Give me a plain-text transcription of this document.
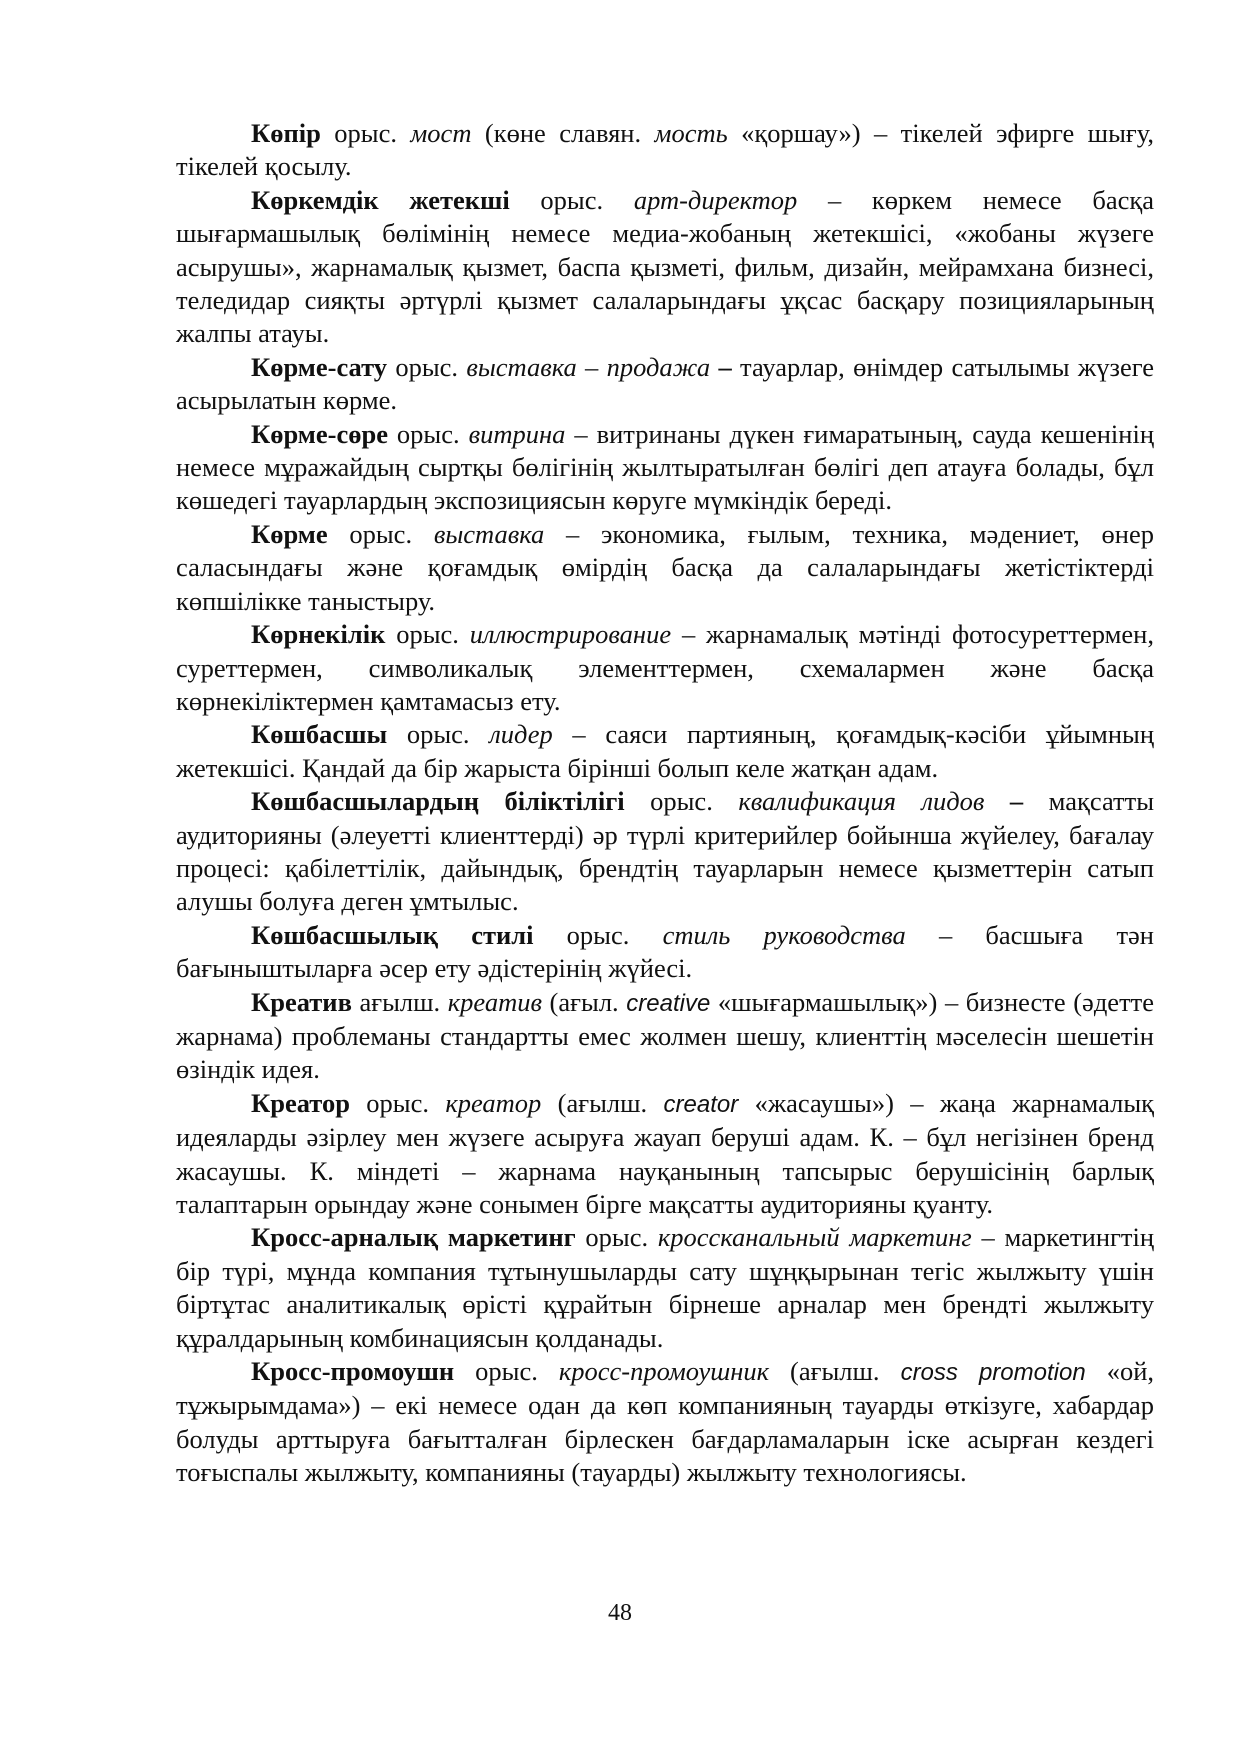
Көпір орыс. мост (көне славян. мость «қоршау») – тікелей эфирге шығу, тікелей қосылу.

Көркемдік жетекші орыс. арт-директор – көркем немесе басқа шығармашылық бөлімінің немесе медиа-жобаның жетекшісі, «жобаны жүзеге асырушы», жарнамалық қызмет, баспа қызметі, фильм, дизайн, мейрамхана бизнесі, теледидар сияқты әртүрлі қызмет салаларындағы ұқсас басқару позицияларының жалпы атауы.

Көрме-сату орыс. выставка – продажа – тауарлар, өнімдер сатылымы жүзеге асырылатын көрме.

Көрме-сөре орыс. витрина – витринаны дүкен ғимаратының, сауда кешенінің немесе мұражайдың сыртқы бөлігінің жылтыратылған бөлігі деп атауға болады, бұл көшедегі тауарлардың экспозициясын көруге мүмкіндік береді.

Көрме орыс. выставка – экономика, ғылым, техника, мәдениет, өнер саласындағы және қоғамдық өмірдің басқа да салаларындағы жетістіктерді көпшілікке таныстыру.

Көрнекілік орыс. иллюстрирование – жарнамалық мәтінді фотосуреттермен, суреттермен, символикалық элементтермен, схемалармен және басқа көрнекіліктермен қамтамасыз ету.

Көшбасшы орыс. лидер – саяси партияның, қоғамдық-кәсіби ұйымның жетекшісі. Қандай да бір жарыста бірінші болып келе жатқан адам.

Көшбасшылардың біліктілігі орыс. квалификация лидов – мақсатты аудиторияны (әлеуетті клиенттерді) әр түрлі критерийлер бойынша жүйелеу, бағалау процесі: қабілеттілік, дайындық, брендтің тауарларын немесе қызметтерін сатып алушы болуға деген ұмтылыс.

Көшбасшылық стилі орыс. стиль руководства – басшыға тән бағыныштыларға әсер ету әдістерінің жүйесі.

Креатив ағылш. креатив (ағыл. creative «шығармашылық») – бизнесте (әдетте жарнама) проблеманы стандартты емес жолмен шешу, клиенттің мәселесін шешетін өзіндік идея.

Креатор орыс. креатор (ағылш. creator «жасаушы») – жаңа жарнамалық идеяларды әзірлеу мен жүзеге асыруға жауап беруші адам. К. – бұл негізінен бренд жасаушы. К. міндеті – жарнама науқанының тапсырыс берушісінің барлық талаптарын орындау және сонымен бірге мақсатты аудиторияны қуанту.

Кросс-арналық маркетинг орыс. кроссканальный маркетинг – маркетингтің бір түрі, мұнда компания тұтынушыларды сату шұңқырынан тегіс жылжыту үшін біртұтас аналитикалық өрісті құрайтын бірнеше арналар мен брендті жылжыту құралдарының комбинациясын қолданады.

Кросс-промоушн орыс. кросс-промоушник (ағылш. cross promotion «ой, тұжырымдама») – екі немесе одан да көп компанияның тауарды өткізуге, хабардар болуды арттыруға бағытталған бірлескен бағдарламаларын іске асырған кездегі тоғыспалы жылжыту, компанияны (тауарды) жылжыту технологиясы.

48
